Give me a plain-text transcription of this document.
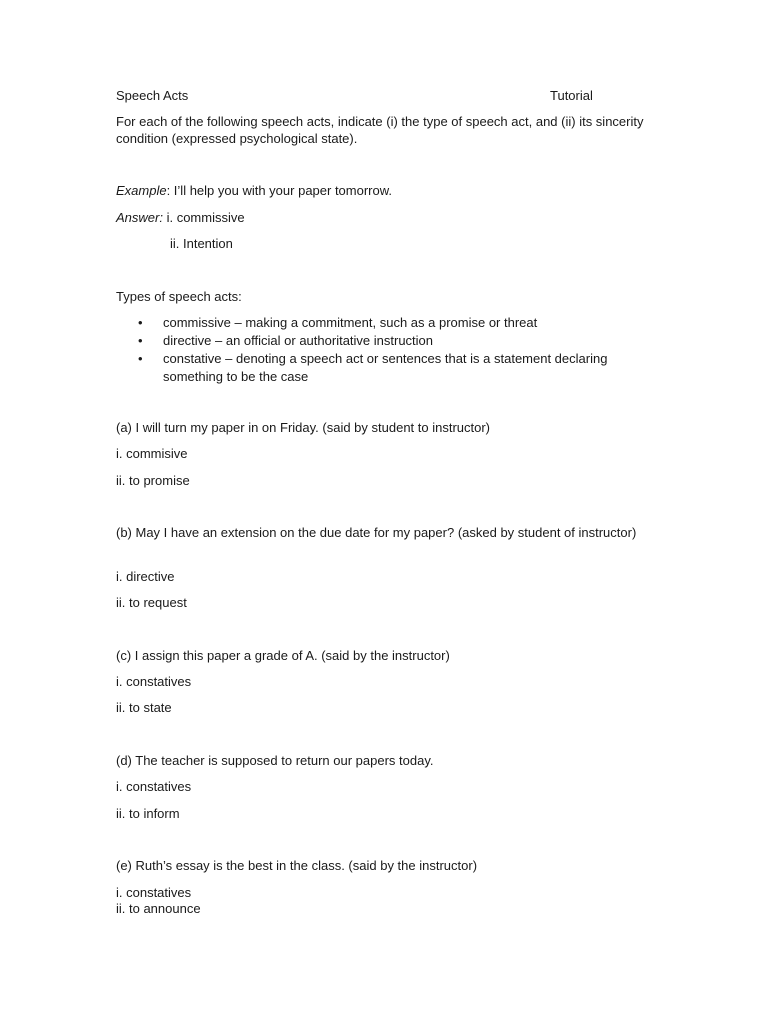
Speech Acts	Tutorial
For each of the following speech acts, indicate (i) the type of speech act, and (ii) its sincerity condition (expressed psychological state).
Example: I’ll help you with your paper tomorrow.
Answer: i. commissive
ii. Intention
Types of speech acts:
• commissive – making a commitment, such as a promise or threat
• directive – an official or authoritative instruction
• constative – denoting a speech act or sentences that is a statement declaring something to be the case
(a) I will turn my paper in on Friday. (said by student to instructor)
i. commisive
ii. to promise
(b) May I have an extension on the due date for my paper? (asked by student of instructor)
i. directive
ii. to request
(c) I assign this paper a grade of A. (said by the instructor)
i. constatives
ii. to state
(d) The teacher is supposed to return our papers today.
i. constatives
ii. to inform
(e) Ruth’s essay is the best in the class. (said by the instructor)
i. constatives
ii. to announce
